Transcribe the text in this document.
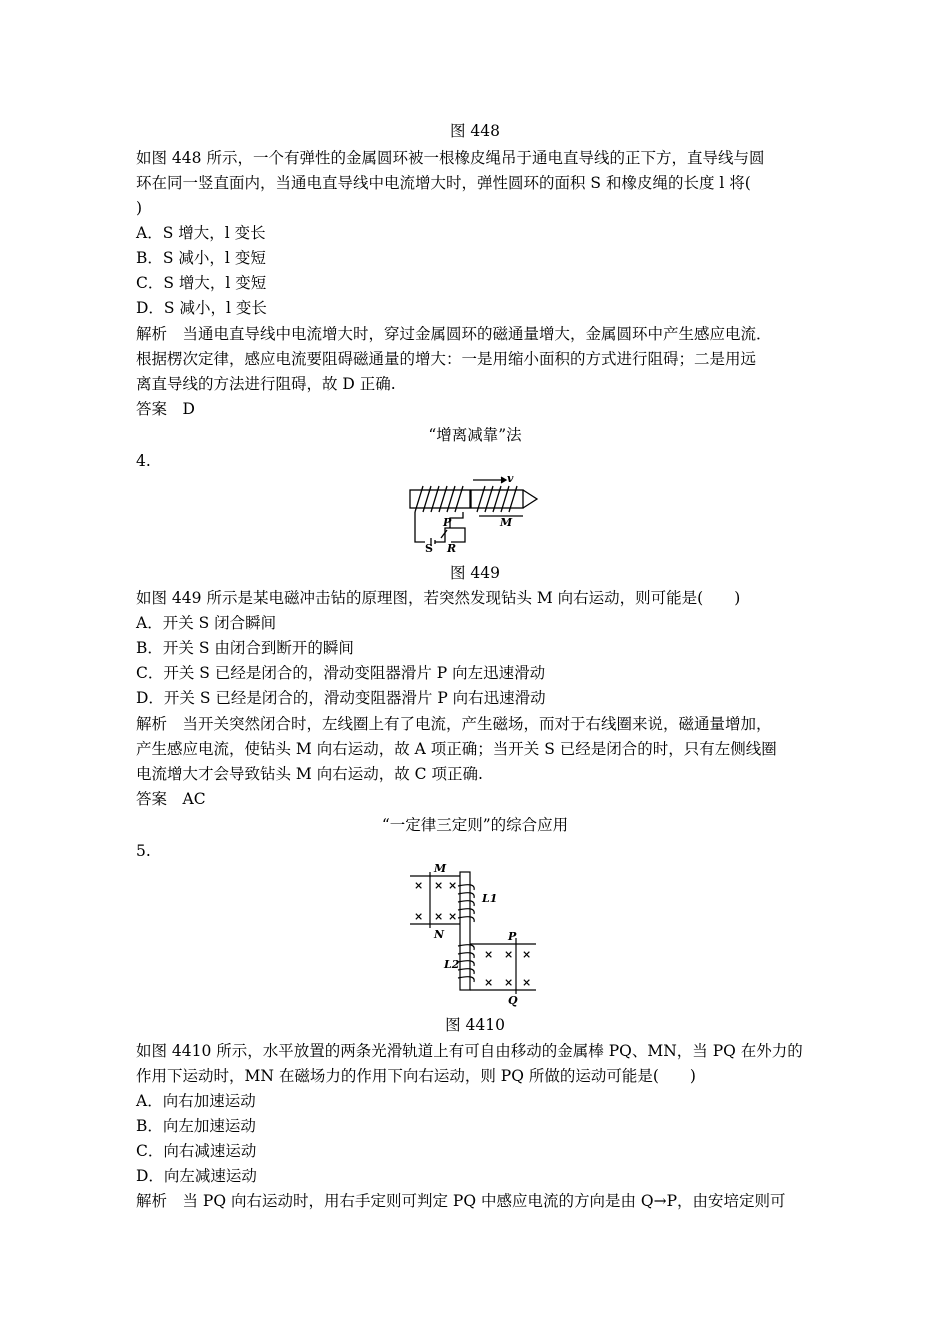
图 448
如图 448 所示，一个有弹性的金属圆环被一根橡皮绳吊于通电直导线的正下方，直导线与圆
环在同一竖直面内，当通电直导线中电流增大时，弹性圆环的面积 S 和橡皮绳的长度 l 将(
)
A．S 增大，l 变长
B．S 减小，l 变短
C．S 增大，l 变短
D．S 减小，l 变长
解析　当通电直导线中电流增大时，穿过金属圆环的磁通量增大，金属圆环中产生感应电流．
根据楞次定律，感应电流要阻碍磁通量的增大：一是用缩小面积的方式进行阻碍；二是用远
离直导线的方法进行阻碍，故 D 正确.
答案　D
“增离减靠”法
4.
v
M
P
S R
图 449
如图 449 所示是某电磁冲击钻的原理图，若突然发现钻头 M 向右运动，则可能是(　　)
A．开关 S 闭合瞬间
B．开关 S 由闭合到断开的瞬间
C．开关 S 已经是闭合的，滑动变阻器滑片 P 向左迅速滑动
D．开关 S 已经是闭合的，滑动变阻器滑片 P 向右迅速滑动
解析　当开关突然闭合时，左线圈上有了电流，产生磁场，而对于右线圈来说，磁通量增加，
产生感应电流，使钻头 M 向右运动，故 A 项正确；当开关 S 已经是闭合的时，只有左侧线圈
电流增大才会导致钻头 M 向右运动，故 C 项正确.
答案　AC
“一定律三定则”的综合应用
5.
× × ×
× × ×
× × ×
× × ×
M
N
L1
L2
P
Q
图 4410
如图 4410 所示，水平放置的两条光滑轨道上有可自由移动的金属棒 PQ、MN，当 PQ 在外力的
作用下运动时，MN 在磁场力的作用下向右运动，则 PQ 所做的运动可能是(　　)
A．向右加速运动
B．向左加速运动
C．向右减速运动
D．向左减速运动
解析　当 PQ 向右运动时，用右手定则可判定 PQ 中感应电流的方向是由 Q→P，由安培定则可
